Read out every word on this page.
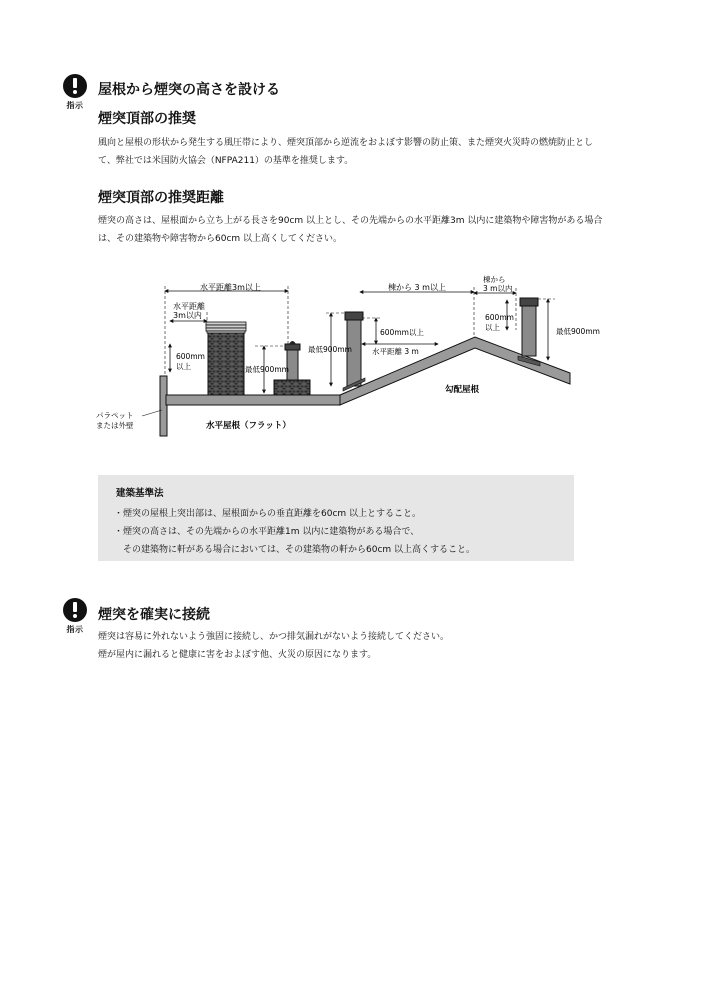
指示
屋根から煙突の高さを設ける
煙突頂部の推奨
風向と屋根の形状から発生する風圧帯により、煙突頂部から逆流をおよぼす影響の防止策、また煙突火災時の燃焼防止とし
て、弊社では米国防火協会（NFPA211）の基準を推奨します。
煙突頂部の推奨距離
煙突の高さは、屋根面から立ち上がる長さを90cm 以上とし、その先端からの水平距離3m 以内に建築物や障害物がある場合
は、その建築物や障害物から60cm 以上高くしてください。
水平距離3m以上
水平距離
3m以内
600mm
以上	最低900mm
パラペット
または外壁	水平屋根（フラット）
最低900mm
600mm以上
水平距離 3 m
棟から 3 m以上
棟から
3 m以内
600mm
以上	最低900mm
勾配屋根
建築基準法
・煙突の屋根上突出部は、屋根面からの垂直距離を60cm 以上とすること。
・煙突の高さは、その先端からの水平距離1m 以内に建築物がある場合で、
　その建築物に軒がある場合においては、その建築物の軒から60cm 以上高くすること。
指示
煙突を確実に接続
煙突は容易に外れないよう強固に接続し、かつ排気漏れがないよう接続してください。
煙が屋内に漏れると健康に害をおよぼす他、火災の原因になります。
